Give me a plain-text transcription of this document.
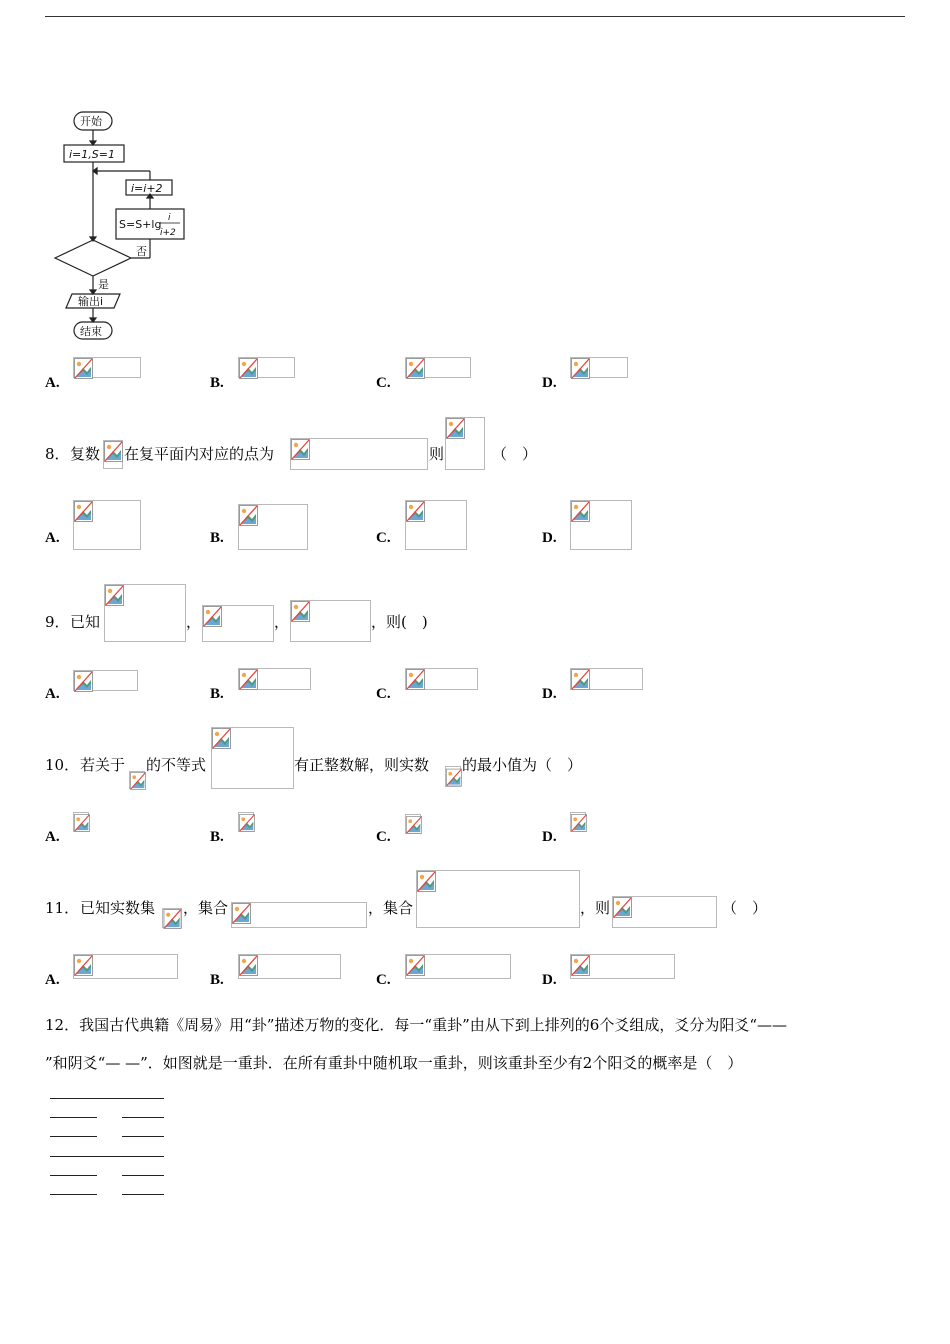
开始
i=1,S=1
i=i+2
S=S+lg i
i+2
否
是
输出i
结束
A.	B.	C.	D.
8． 复数 在复平面内对应的点为	则	（　）
A.	B.	C.	D.
9． 已知	，	，	，则(　)
A.	B.	C.	D.
10． 若关于 的不等式	有正整数解，则实数 的最小值为（　）
A.	B.	C.	D.
11． 已知实数集 ，集合	，集合	，则	（　）
A.	B.	C.	D.
12．我国古代典籍《周易》用“卦”描述万物的变化．每一“重卦”由从下到上排列的6个爻组成，爻分为阳爻“——
”和阴爻“— —”．如图就是一重卦．在所有重卦中随机取一重卦，则该重卦至少有2个阳爻的概率是（　）
